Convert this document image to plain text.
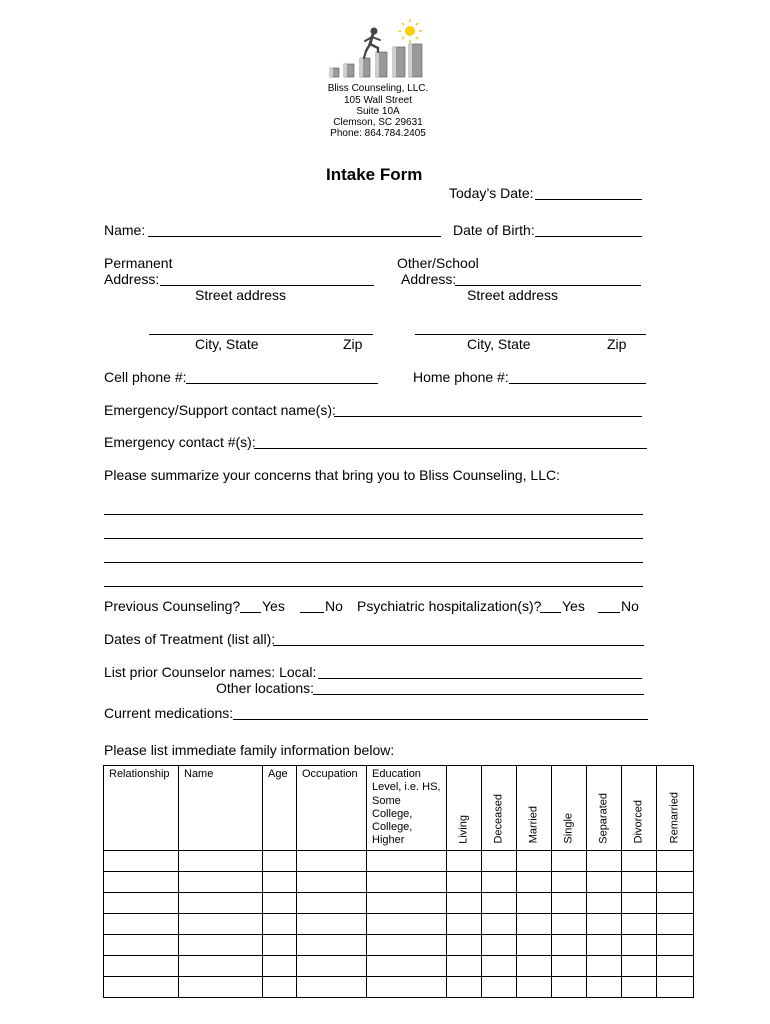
Bliss Counseling, LLC.
105 Wall Street
Suite 10A
Clemson, SC 29631
Phone: 864.784.2405
Intake Form
Today’s Date:
Name:	Date of Birth:
Permanent
Address:
Street address
Other/School
Address:
Street address
City, State	Zip	City, State	Zip
Cell phone #:	Home phone #:
Emergency/Support contact name(s):
Emergency contact #(s):
Please summarize your concerns that bring you to Bliss Counseling, LLC:
Previous Counseling? Yes	No Psychiatric hospitalization(s)? Yes	No
Dates of Treatment (list all):
List prior Counselor names: Local:
Other locations:
Current medications:
Please list immediate family information below:
Relationship	Name	Age	Occupation	Education Level, i.e. HS, Some College, College, Higher	Living	Deceased	Married	Single	Separated	Divorced	Remarried
